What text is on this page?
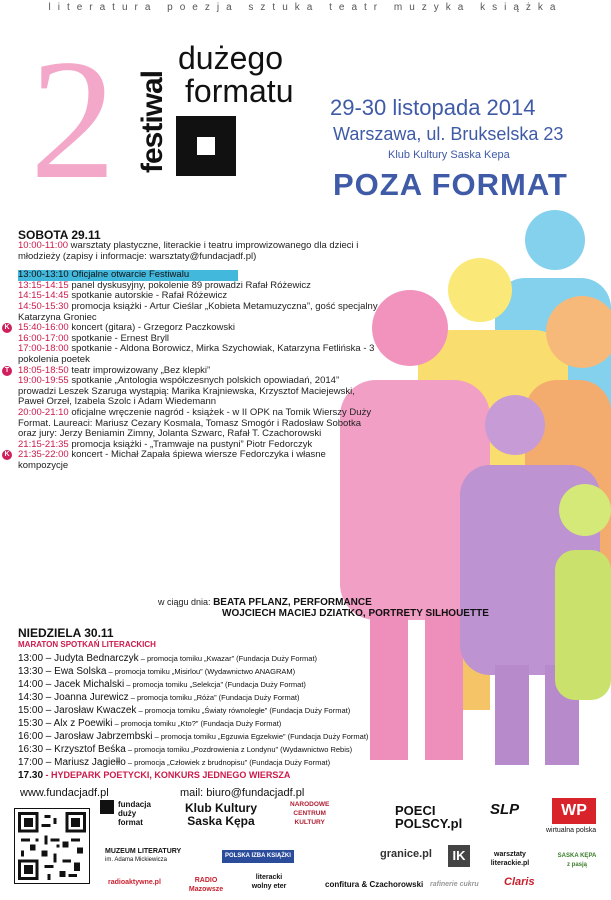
literatura poezja sztuka teatr muzyka książka
2 festiwal
dużego
formatu 29-30 listopada 2014
Warszawa, ul. Brukselska 23
Klub Kultury Saska Kepa
POZA FORMAT
SOBOTA 29.11
10:00-11:00 warsztaty plastyczne, literackie i teatru improwizowanego dla dzieci i młodzieży (zapisy i informacje: warsztaty@fundacjadf.pl)
13:00-13:10 Oficjalne otwarcie Festiwalu
13:15-14:15 panel dyskusyjny, pokolenie 89 prowadzi Rafał Różewicz
14:15-14:45 spotkanie autorskie - Rafał Różewicz
14:50-15:30 promocja książki - Artur Cieślar „Kobieta Metamuzyczna”, gość specjalny Katarzyna Groniec
K 15:40-16:00 koncert (gitara) - Grzegorz Paczkowski
16:00-17:00 spotkanie - Ernest Bryll
17:00-18:00 spotkanie - Aldona Borowicz, Mirka Szychowiak, Katarzyna Fetlińska - 3 pokolenia poetek
T 18:05-18:50 teatr improwizowany „Bez klepki”
19:00-19:55 spotkanie „Antologia współczesnych polskich opowiadań, 2014” prowadzi Leszek Szaruga wystąpią: Marika Krajniewska, Krzysztof Maciejewski, Paweł Orzeł, Izabela Szolc i Adam Wiedemann
20:00-21:10 oficjalne wręczenie nagród - książek - w II OPK na Tomik Wierszy Duży Format. Laureaci: Mariusz Cezary Kosmala, Tomasz Smogór i Radosław Sobotka oraz jury: Jerzy Beniamin Zimny, Jolanta Szwarc, Rafał T. Czachorowski
21:15-21:35 promocja książki - „Tramwaje na pustyni” Piotr Fedorczyk
K 21:35-22:00 koncert - Michał Zapała śpiewa wiersze Fedorczyka i własne kompozycje
w ciągu dnia: BEATA PFLANZ, PERFORMANCE
WOJCIECH MACIEJ DZIATKO, PORTRETY SILHOUETTE
NIEDZIELA 30.11
MARATON SPOTKAŃ LITERACKICH
13:00 – Judyta Bednarczyk – promocja tomiku „Kwazar” (Fundacja Duży Format)
13:30 – Ewa Solska – promocja tomiku „Misirlou” (Wydawnictwo ANAGRAM)
14:00 – Jacek Michalski – promocja tomiku „Selekcja” (Fundacja Duży Format)
14:30 – Joanna Jurewicz – promocja tomiku „Róża” (Fundacja Duży Format)
15:00 – Jarosław Kwaczek – promocja tomiku „Światy równoległe” (Fundacja Duży Format)
15:30 – Alx z Poewiki – promocja tomiku „Kto?” (Fundacja Duży Format)
16:00 – Jarosław Jabrzembski – promocja tomiku „Egzuwia Egzekwie” (Fundacja Duży Format)
16:30 – Krzysztof Beśka – promocja tomiku „Pozdrowienia z Londynu” (Wydawnictwo Rebis)
17:00 – Mariusz Jagiełło – promocja „Człowiek z brudnopisu” (Fundacja Duży Format)
17.30 - HYDEPARK POETYCKI, KONKURS JEDNEGO WIERSZA
www.fundacjadf.pl	mail: biuro@fundacjadf.pl
fundacja
duży
format
Klub Kultury
Saska Kępa
NARODOWE
CENTRUM
KULTURY
POECI
POLSCY.pl
SLP	WP
wirtualna polska
MUZEUM LITERATURY
im. Adama Mickiewicza
POLSKA IZBA KSIĄŻKI	granice.pl	IK	warsztaty literackie.pl
SASKA KĘPA z pasją
radioaktywne.pl	RADIO Mazowsze
literacki wolny eter	confitura & Czachorowski rafinerie cukru Claris
